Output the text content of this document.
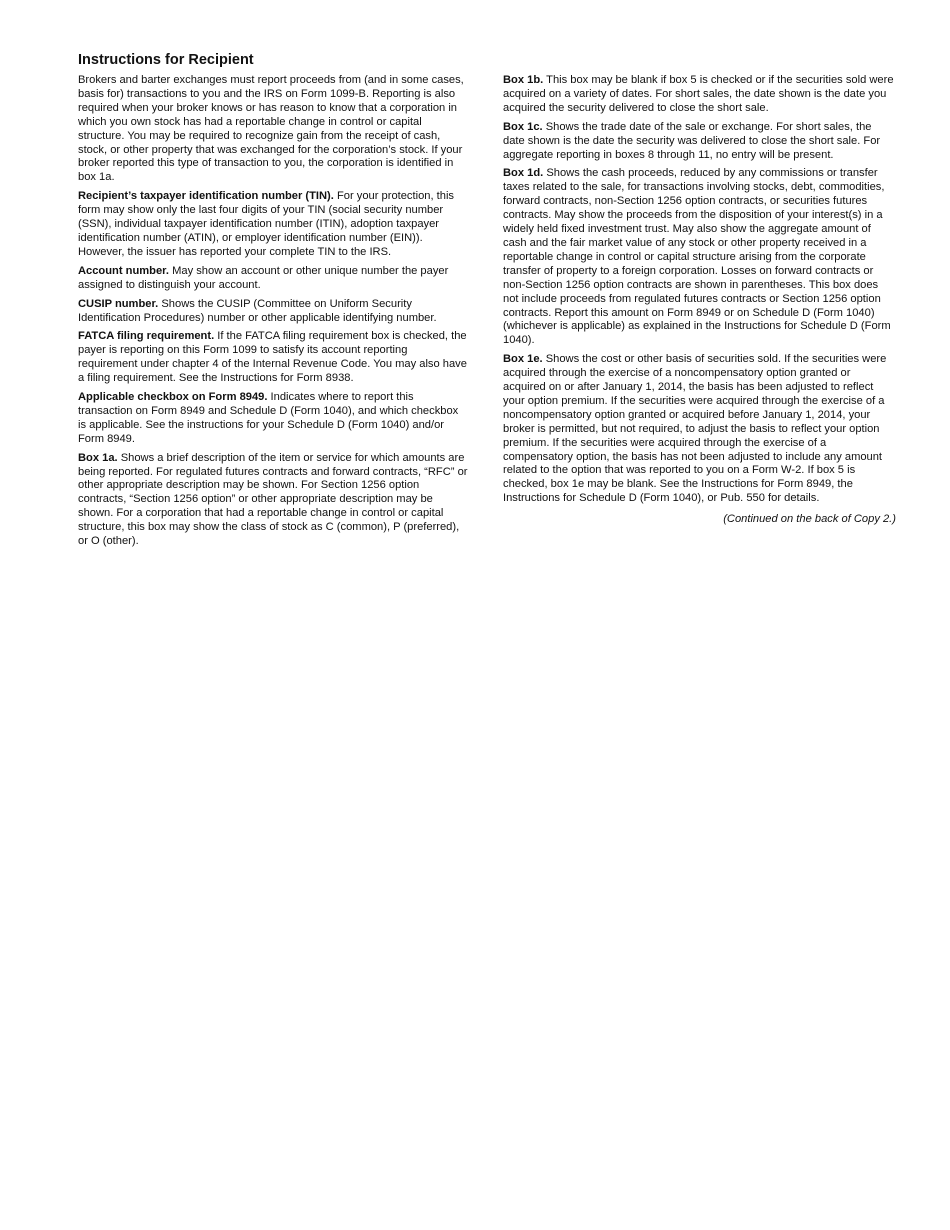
Instructions for Recipient

Brokers and barter exchanges must report proceeds from (and in some cases, basis for) transactions to you and the IRS on Form 1099-B. Reporting is also required when your broker knows or has reason to know that a corporation in which you own stock has had a reportable change in control or capital structure. You may be required to recognize gain from the receipt of cash, stock, or other property that was exchanged for the corporation’s stock. If your broker reported this type of transaction to you, the corporation is identified in box 1a.

Recipient’s taxpayer identification number (TIN). For your protection, this form may show only the last four digits of your TIN (social security number (SSN), individual taxpayer identification number (ITIN), adoption taxpayer identification number (ATIN), or employer identification number (EIN)). However, the issuer has reported your complete TIN to the IRS.

Account number. May show an account or other unique number the payer assigned to distinguish your account.

CUSIP number. Shows the CUSIP (Committee on Uniform Security Identification Procedures) number or other applicable identifying number.

FATCA filing requirement. If the FATCA filing requirement box is checked, the payer is reporting on this Form 1099 to satisfy its account reporting requirement under chapter 4 of the Internal Revenue Code. You may also have a filing requirement. See the Instructions for Form 8938.

Applicable checkbox on Form 8949. Indicates where to report this transaction on Form 8949 and Schedule D (Form 1040), and which checkbox is applicable. See the instructions for your Schedule D (Form 1040) and/or Form 8949.

Box 1a. Shows a brief description of the item or service for which amounts are being reported. For regulated futures contracts and forward contracts, “RFC” or other appropriate description may be shown. For Section 1256 option contracts, “Section 1256 option” or other appropriate description may be shown. For a corporation that had a reportable change in control or capital structure, this box may show the class of stock as C (common), P (preferred), or O (other).

Box 1b. This box may be blank if box 5 is checked or if the securities sold were acquired on a variety of dates. For short sales, the date shown is the date you acquired the security delivered to close the short sale.

Box 1c. Shows the trade date of the sale or exchange. For short sales, the date shown is the date the security was delivered to close the short sale. For aggregate reporting in boxes 8 through 11, no entry will be present.

Box 1d. Shows the cash proceeds, reduced by any commissions or transfer taxes related to the sale, for transactions involving stocks, debt, commodities, forward contracts, non-Section 1256 option contracts, or securities futures contracts. May show the proceeds from the disposition of your interest(s) in a widely held fixed investment trust. May also show the aggregate amount of cash and the fair market value of any stock or other property received in a reportable change in control or capital structure arising from the corporate transfer of property to a foreign corporation. Losses on forward contracts or non-Section 1256 option contracts are shown in parentheses. This box does not include proceeds from regulated futures contracts or Section 1256 option contracts. Report this amount on Form 8949 or on Schedule D (Form 1040) (whichever is applicable) as explained in the Instructions for Schedule D (Form 1040).

Box 1e. Shows the cost or other basis of securities sold. If the securities were acquired through the exercise of a noncompensatory option granted or acquired on or after January 1, 2014, the basis has been adjusted to reflect your option premium. If the securities were acquired through the exercise of a noncompensatory option granted or acquired before January 1, 2014, your broker is permitted, but not required, to adjust the basis to reflect your option premium. If the securities were acquired through the exercise of a compensatory option, the basis has not been adjusted to include any amount related to the option that was reported to you on a Form W-2. If box 5 is checked, box 1e may be blank. See the Instructions for Form 8949, the Instructions for Schedule D (Form 1040), or Pub. 550 for details.

(Continued on the back of Copy 2.)
